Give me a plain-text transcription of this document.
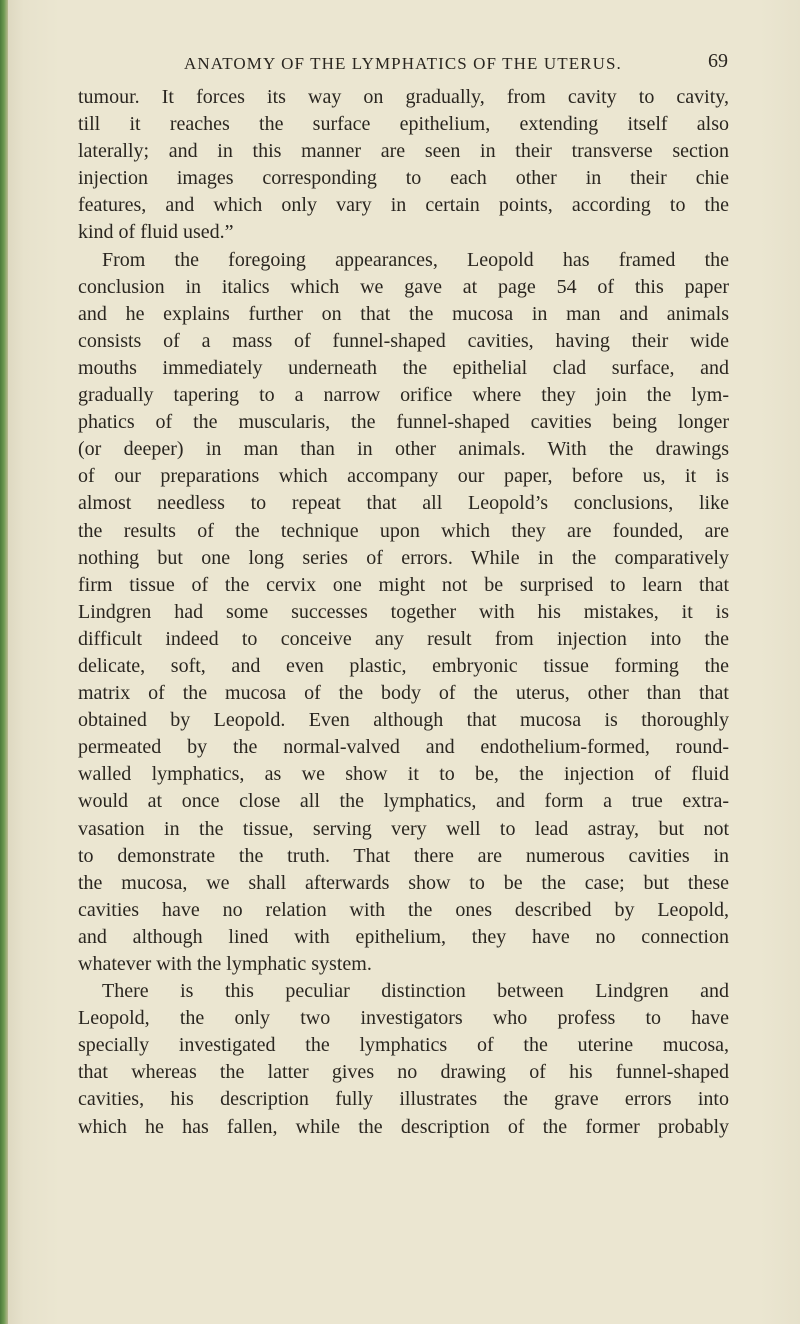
ANATOMY OF THE LYMPHATICS OF THE UTERUS.	69
tumour. It forces its way on gradually, from cavity to cavity,
till it reaches the surface epithelium, extending itself also
laterally; and in this manner are seen in their transverse section
injection images corresponding to each other in their chie
features, and which only vary in certain points, according to the
kind of fluid used.”
From the foregoing appearances, Leopold has framed the
conclusion in italics which we gave at page 54 of this paper
and he explains further on that the mucosa in man and animals
consists of a mass of funnel-shaped cavities, having their wide
mouths immediately underneath the epithelial clad surface, and
gradually tapering to a narrow orifice where they join the lym-
phatics of the muscularis, the funnel-shaped cavities being longer
(or deeper) in man than in other animals. With the drawings
of our preparations which accompany our paper, before us, it is
almost needless to repeat that all Leopold’s conclusions, like
the results of the technique upon which they are founded, are
nothing but one long series of errors. While in the comparatively
firm tissue of the cervix one might not be surprised to learn that
Lindgren had some successes together with his mistakes, it is
difficult indeed to conceive any result from injection into the
delicate, soft, and even plastic, embryonic tissue forming the
matrix of the mucosa of the body of the uterus, other than that
obtained by Leopold. Even although that mucosa is thoroughly
permeated by the normal-valved and endothelium-formed, round-
walled lymphatics, as we show it to be, the injection of fluid
would at once close all the lymphatics, and form a true extra-
vasation in the tissue, serving very well to lead astray, but not
to demonstrate the truth. That there are numerous cavities in
the mucosa, we shall afterwards show to be the case; but these
cavities have no relation with the ones described by Leopold,
and although lined with epithelium, they have no connection
whatever with the lymphatic system.
There is this peculiar distinction between Lindgren and
Leopold, the only two investigators who profess to have
specially investigated the lymphatics of the uterine mucosa,
that whereas the latter gives no drawing of his funnel-shaped
cavities, his description fully illustrates the grave errors into
which he has fallen, while the description of the former probably
